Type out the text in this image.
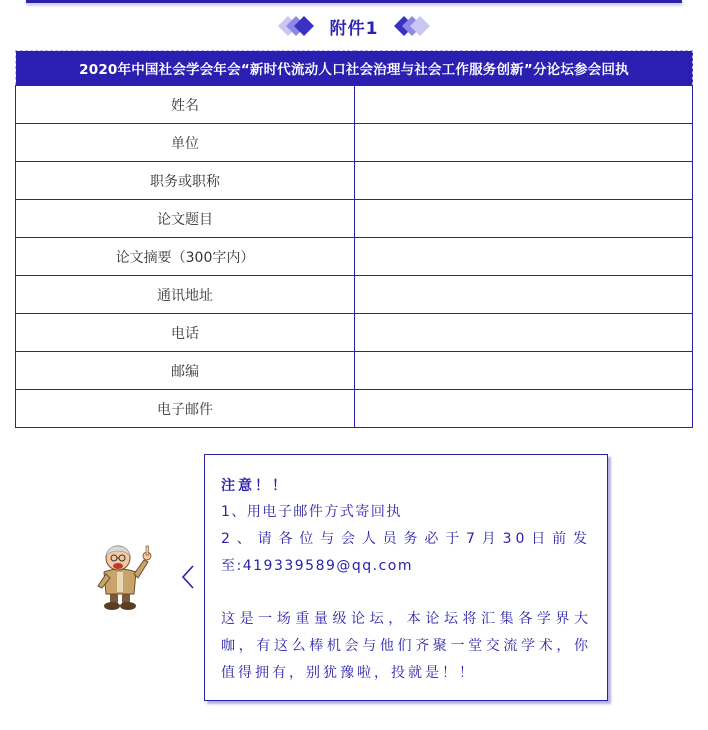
附件1
2020年中国社会学会年会“新时代流动人口社会治理与社会工作服务创新”分论坛参会回执	
姓名	
单位	
职务或职称	
论文题目	
论文摘要（300字内）	
通讯地址	
电话	
邮编	
电子邮件	
注意！！
1、用电子邮件方式寄回执
2、请各位与会人员务必于7月30日前发
至:419339589@qq.com
这是一场重量级论坛，本论坛将汇集各学界大咖，有这么棒机会与他们齐聚一堂交流学术，你值得拥有，别犹豫啦，投就是！！
